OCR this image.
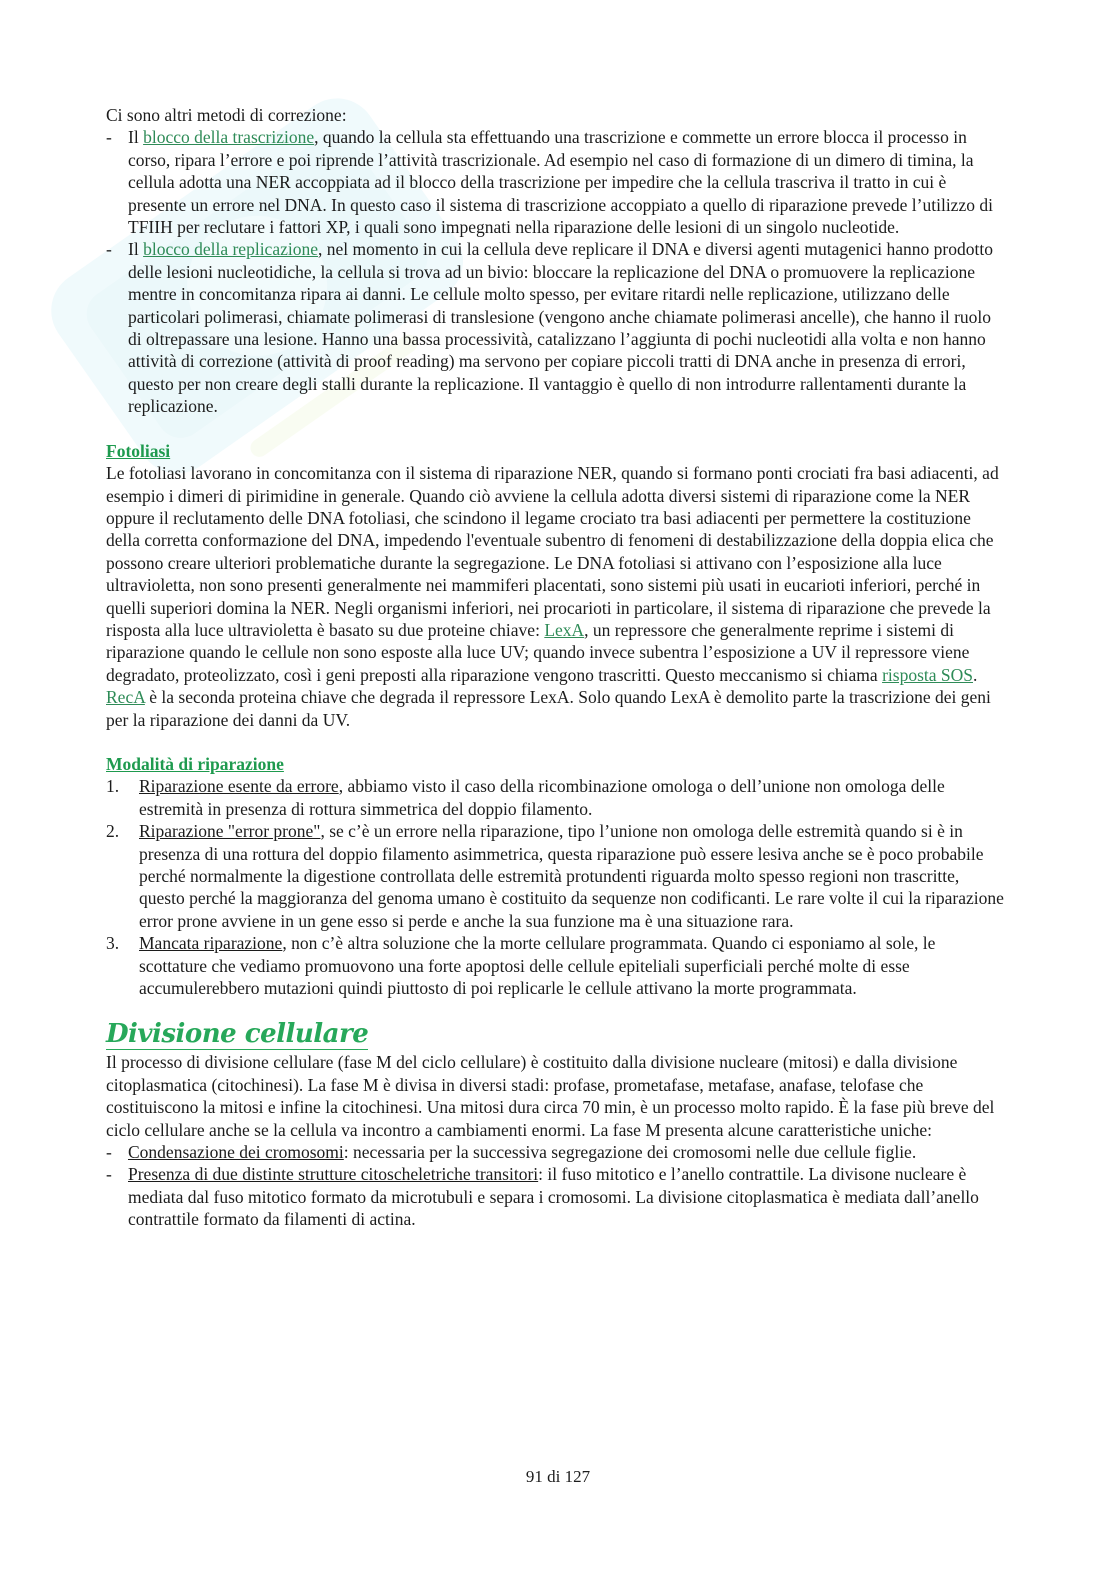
Ci sono altri metodi di correzione:

- Il blocco della trascrizione, quando la cellula sta effettuando una trascrizione e commette un errore blocca il processo in corso, ripara l’errore e poi riprende l’attività trascrizionale. Ad esempio nel caso di formazione di un dimero di timina, la cellula adotta una NER accoppiata ad il blocco della trascrizione per impedire che la cellula trascriva il tratto in cui è presente un errore nel DNA. In questo caso il sistema di trascrizione accoppiato a quello di riparazione prevede l’utilizzo di TFIIH per reclutare i fattori XP, i quali sono impegnati nella riparazione delle lesioni di un singolo nucleotide.
- Il blocco della replicazione, nel momento in cui la cellula deve replicare il DNA e diversi agenti mutagenici hanno prodotto delle lesioni nucleotidiche, la cellula si trova ad un bivio: bloccare la replicazione del DNA o promuovere la replicazione mentre in concomitanza ripara ai danni. Le cellule molto spesso, per evitare ritardi nelle replicazione, utilizzano delle particolari polimerasi, chiamate polimerasi di translesione (vengono anche chiamate polimerasi ancelle), che hanno il ruolo di oltrepassare una lesione. Hanno una bassa processività, catalizzano l’aggiunta di pochi nucleotidi alla volta e non hanno attività di correzione (attività di proof reading) ma servono per copiare piccoli tratti di DNA anche in presenza di errori, questo per non creare degli stalli durante la replicazione. Il vantaggio è quello di non introdurre rallentamenti durante la replicazione.

Fotoliasi

Le fotoliasi lavorano in concomitanza con il sistema di riparazione NER, quando si formano ponti crociati fra basi adiacenti, ad esempio i dimeri di pirimidine in generale. Quando ciò avviene la cellula adotta diversi sistemi di riparazione come la NER oppure il reclutamento delle DNA fotoliasi, che scindono il legame crociato tra basi adiacenti per permettere la costituzione della corretta conformazione del DNA, impedendo l'eventuale subentro di fenomeni di destabilizzazione della doppia elica che possono creare ulteriori problematiche durante la segregazione. Le DNA fotoliasi si attivano con l’esposizione alla luce ultravioletta, non sono presenti generalmente nei mammiferi placentati, sono sistemi più usati in eucarioti inferiori, perché in quelli superiori domina la NER. Negli organismi inferiori, nei procarioti in particolare, il sistema di riparazione che prevede la risposta alla luce ultravioletta è basato su due proteine chiave: LexA, un repressore che generalmente reprime i sistemi di riparazione quando le cellule non sono esposte alla luce UV; quando invece subentra l’esposizione a UV il repressore viene degradato, proteolizzato, così i geni preposti alla riparazione vengono trascritti. Questo meccanismo si chiama risposta SOS. RecA è la seconda proteina chiave che degrada il repressore LexA. Solo quando LexA è demolito parte la trascrizione dei geni per la riparazione dei danni da UV.

Modalità di riparazione

1. Riparazione esente da errore, abbiamo visto il caso della ricombinazione omologa o dell’unione non omologa delle estremità in presenza di rottura simmetrica del doppio filamento.
2. Riparazione "error prone", se c’è un errore nella riparazione, tipo l’unione non omologa delle estremità quando si è in presenza di una rottura del doppio filamento asimmetrica, questa riparazione può essere lesiva anche se è poco probabile perché normalmente la digestione controllata delle estremità protundenti riguarda molto spesso regioni non trascritte, questo perché la maggioranza del genoma umano è costituito da sequenze non codificanti. Le rare volte il cui la riparazione error prone avviene in un gene esso si perde e anche la sua funzione ma è una situazione rara.
3. Mancata riparazione, non c’è altra soluzione che la morte cellulare programmata. Quando ci esponiamo al sole, le scottature che vediamo promuovono una forte apoptosi delle cellule epiteliali superficiali perché molte di esse accumulerebbero mutazioni quindi piuttosto di poi replicarle le cellule attivano la morte programmata.
Divisione cellulare

Il processo di divisione cellulare (fase M del ciclo cellulare) è costituito dalla divisione nucleare (mitosi) e dalla divisione citoplasmatica (citochinesi). La fase M è divisa in diversi stadi: profase, prometafase, metafase, anafase, telofase che costituiscono la mitosi e infine la citochinesi. Una mitosi dura circa 70 min, è un processo molto rapido. È la fase più breve del ciclo cellulare anche se la cellula va incontro a cambiamenti enormi. La fase M presenta alcune caratteristiche uniche:

- Condensazione dei cromosomi: necessaria per la successiva segregazione dei cromosomi nelle due cellule figlie.
- Presenza di due distinte strutture citoscheletriche transitori: il fuso mitotico e l’anello contrattile. La divisone nucleare è mediata dal fuso mitotico formato da microtubuli e separa i cromosomi. La divisione citoplasmatica è mediata dall’anello contrattile formato da filamenti di actina.
91 di 127
